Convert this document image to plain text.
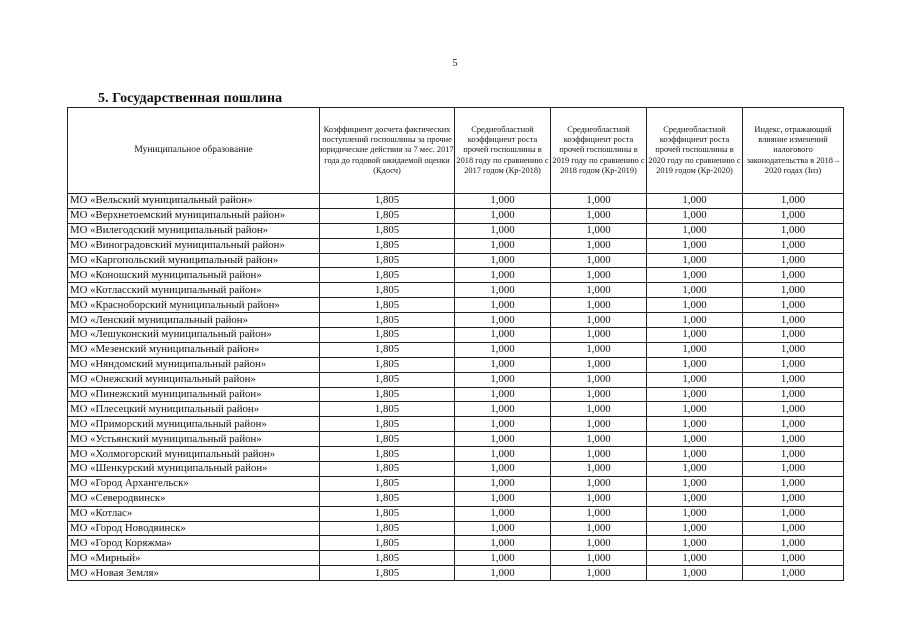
5
5. Государственная пошлина
Муниципальное образование	Коэффициент досчета фактических поступлений госпошлины за прочие юридические действия за 7 мес. 2017 года до годовой ожидаемой оценки (Кдосч)	Среднеобластной коэффициент роста прочей госпошлины в 2018 году по сравнению с 2017 годом (Кр-2018)	Среднеобластной коэффициент роста прочей госпошлины в 2019 году по сравнению с 2018 годом (Кр-2019)	Среднеобластной коэффициент роста прочей госпошлины в 2020 году по сравнению с 2019 годом (Кр-2020)	Индекс, отражающий влияние изменений налогового законодательства в 2018 – 2020 годах (Iнз)
МО «Вельский муниципальный район»	1,805	1,000	1,000	1,000	1,000
МО «Верхнетоемский муниципальный район»	1,805	1,000	1,000	1,000	1,000
МО «Вилегодский муниципальный район»	1,805	1,000	1,000	1,000	1,000
МО «Виноградовский муниципальный район»	1,805	1,000	1,000	1,000	1,000
МО «Каргопольский муниципальный район»	1,805	1,000	1,000	1,000	1,000
МО «Коношский муниципальный район»	1,805	1,000	1,000	1,000	1,000
МО «Котласский муниципальный район»	1,805	1,000	1,000	1,000	1,000
МО «Красноборский муниципальный район»	1,805	1,000	1,000	1,000	1,000
МО «Ленский муниципальный район»	1,805	1,000	1,000	1,000	1,000
МО «Лешуконский муниципальный район»	1,805	1,000	1,000	1,000	1,000
МО «Мезенский муниципальный район»	1,805	1,000	1,000	1,000	1,000
МО «Няндомский муниципальный район»	1,805	1,000	1,000	1,000	1,000
МО «Онежский муниципальный район»	1,805	1,000	1,000	1,000	1,000
МО «Пинежский муниципальный район»	1,805	1,000	1,000	1,000	1,000
МО «Плесецкий муниципальный район»	1,805	1,000	1,000	1,000	1,000
МО «Приморский муниципальный район»	1,805	1,000	1,000	1,000	1,000
МО «Устьянский муниципальный район»	1,805	1,000	1,000	1,000	1,000
МО «Холмогорский муниципальный район»	1,805	1,000	1,000	1,000	1,000
МО «Шенкурский муниципальный район»	1,805	1,000	1,000	1,000	1,000
МО «Город Архангельск»	1,805	1,000	1,000	1,000	1,000
МО «Северодвинск»	1,805	1,000	1,000	1,000	1,000
МО «Котлас»	1,805	1,000	1,000	1,000	1,000
МО «Город Новодвинск»	1,805	1,000	1,000	1,000	1,000
МО «Город Коряжма»	1,805	1,000	1,000	1,000	1,000
МО «Мирный»	1,805	1,000	1,000	1,000	1,000
МО «Новая Земля»	1,805	1,000	1,000	1,000	1,000
